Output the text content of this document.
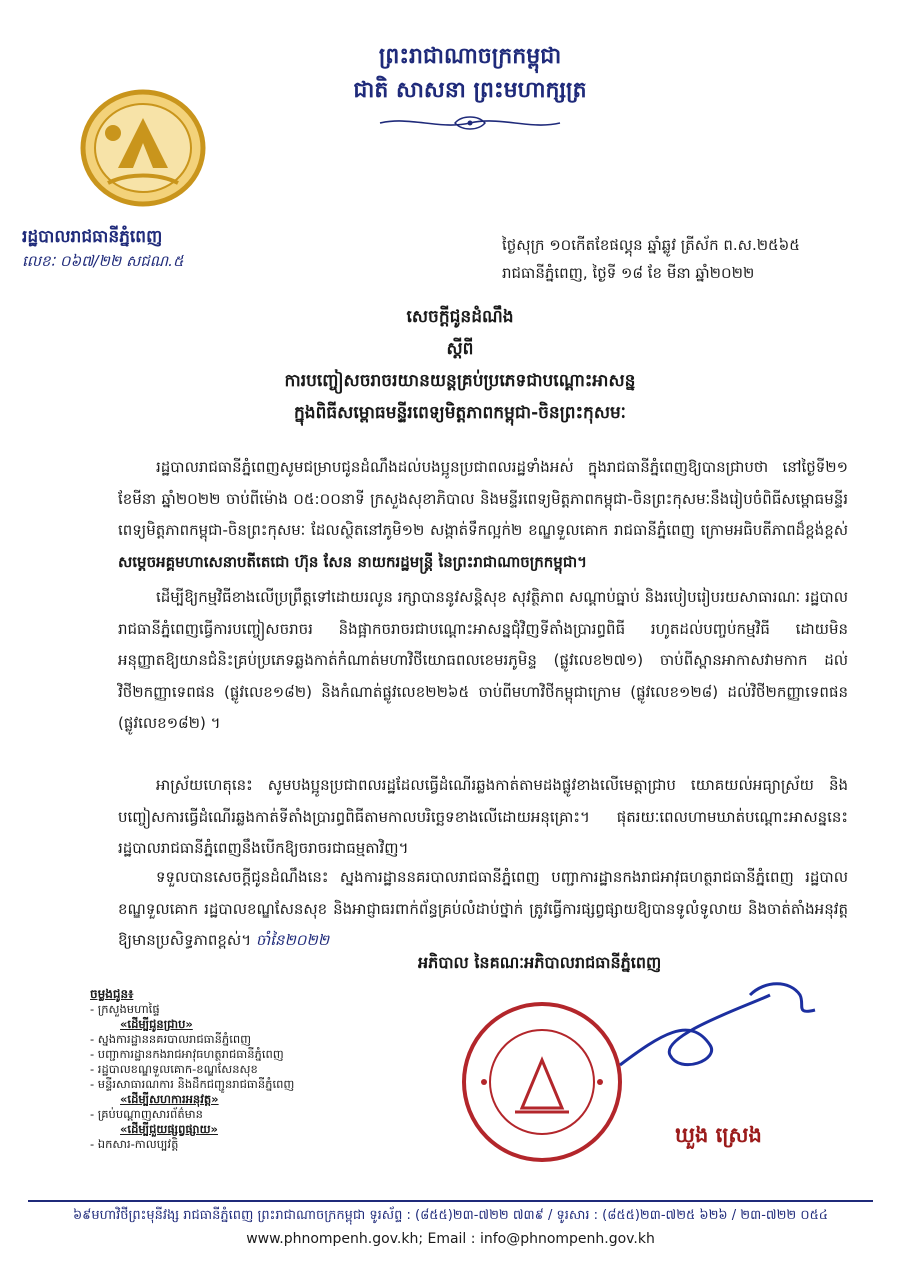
ព្រះរាជាណាចក្រកម្ពុជា
ជាតិ សាសនា ព្រះមហាក្សត្រ
រដ្ឋបាលរាជធានីភ្នំពេញ
លេខៈ ០៦៧/២២ សជណ.៥
ថ្ងៃសុក្រ ១០កើតខែផល្គុន ឆ្នាំឆ្លូវ ត្រីស័ក ព.ស.២៥៦៥
រាជធានីភ្នំពេញ, ថ្ងៃទី ១៨ ខែ មីនា ឆ្នាំ២០២២
សេចក្តីជូនដំណឹង
ស្តីពី
ការបញ្ចៀសចរាចរយានយន្តគ្រប់ប្រភេទជាបណ្តោះអាសន្ន
ក្នុងពិធីសម្ពោធមន្ទីរពេទ្យមិត្តភាពកម្ពុជា-ចិនព្រះកុសមៈ
រដ្ឋបាលរាជធានីភ្នំពេញសូមជម្រាបជូនដំណឹងដល់បងប្អូនប្រជាពលរដ្ឋទាំងអស់ ក្នុងរាជធានីភ្នំពេញឱ្យបានជ្រាបថា នៅថ្ងៃទី២១ ខែមីនា ឆ្នាំ២០២២ ចាប់ពីម៉ោង ០៥:០០នាទី ក្រសួងសុខាភិបាល និងមន្ទីរពេទ្យមិត្តភាពកម្ពុជា-ចិនព្រះកុសមៈនឹងរៀបចំពិធីសម្ពោធមន្ទីរពេទ្យមិត្តភាពកម្ពុជា-ចិនព្រះកុសមៈ ដែលស្ថិតនៅភូមិ១២ សង្កាត់ទឹកល្អក់២ ខណ្ឌទួលគោក រាជធានីភ្នំពេញ ក្រោមអធិបតីភាពដ៏ខ្ពង់ខ្ពស់ សម្តេចអគ្គមហាសេនាបតីតេជោ ហ៊ុន សែន នាយករដ្ឋមន្ត្រី នៃព្រះរាជាណាចក្រកម្ពុជា។
ដើម្បីឱ្យកម្មវិធីខាងលើប្រព្រឹត្តទៅដោយរលូន រក្សាបាននូវសន្តិសុខ សុវត្ថិភាព សណ្តាប់ធ្នាប់ និងរបៀបរៀបរយសាធារណៈ រដ្ឋបាលរាជធានីភ្នំពេញធ្វើការបញ្ចៀសចរាចរ និងផ្អាកចរាចរជាបណ្តោះអាសន្នជុំវិញទីតាំងប្រារព្ធពិធី រហូតដល់បញ្ចប់កម្មវិធី ដោយមិនអនុញ្ញាតឱ្យយានជំនិះគ្រប់ប្រភេទឆ្លងកាត់កំណាត់មហាវិថីយោធពលខេមរភូមិន្ទ (ផ្លូវលេខ២៧១) ចាប់ពីស្ពានអាកាសវាមកាក ដល់វិថី២កញ្ញាទេពផន (ផ្លូវលេខ១៨២) និងកំណាត់ផ្លូវលេខ២២៦៥ ចាប់ពីមហាវិថីកម្ពុជាក្រោម (ផ្លូវលេខ១២៨) ដល់វិថី២កញ្ញាទេពផន (ផ្លូវលេខ១៨២) ។
អាស្រ័យហេតុនេះ សូមបងប្អូនប្រជាពលរដ្ឋដែលធ្វើដំណើរឆ្លងកាត់តាមដងផ្លូវខាងលើមេត្តាជ្រាប យោគយល់អធ្យាស្រ័យ និងបញ្ចៀសការធ្វើដំណើរឆ្លងកាត់ទីតាំងប្រារព្ធពិធីតាមកាលបរិច្ឆេទខាងលើដោយអនុគ្រោះ។ ផុតរយៈពេលហាមឃាត់បណ្តោះអាសន្ននេះ រដ្ឋបាលរាជធានីភ្នំពេញនឹងបើកឱ្យចរាចរជាធម្មតាវិញ។
ទទួលបានសេចក្តីជូនដំណឹងនេះ ស្នងការដ្ឋាននគរបាលរាជធានីភ្នំពេញ បញ្ជាការដ្ឋានកងរាជអាវុធហត្ថរាជធានីភ្នំពេញ រដ្ឋបាលខណ្ឌទួលគោក រដ្ឋបាលខណ្ឌសែនសុខ និងអាជ្ញាធរពាក់ព័ន្ធគ្រប់លំដាប់ថ្នាក់ ត្រូវធ្វើការផ្សព្វផ្សាយឱ្យបានទូលំទូលាយ និងចាត់តាំងអនុវត្តឱ្យមានប្រសិទ្ធភាពខ្ពស់។ ចាំនៃ២០២២
អភិបាល នៃគណៈអភិបាលរាជធានីភ្នំពេញ
ឃួង ស្រេង
ចម្លងជូន៖
- ក្រសួងមហាផ្ទៃ
«ដើម្បីជូនជ្រាប»
- ស្នងការដ្ឋាននគរបាលរាជធានីភ្នំពេញ
- បញ្ជាការដ្ឋានកងរាជអាវុធហត្ថរាជធានីភ្នំពេញ
- រដ្ឋបាលខណ្ឌទួលគោក-ខណ្ឌសែនសុខ
- មន្ទីរសាធារណការ និងដឹកជញ្ជូនរាជធានីភ្នំពេញ
«ដើម្បីសហការអនុវត្ត»
- គ្រប់បណ្តាញសារព័ត៌មាន
«ដើម្បីជួយផ្សព្វផ្សាយ»
- ឯកសារ-កាលប្បវត្តិ
៦៩មហាវិថីព្រះមុនីវង្ស រាជធានីភ្នំពេញ ព្រះរាជាណាចក្រកម្ពុជា ទូរស័ព្ទ : (៨៥៥)២៣-៧២២ ៧៣៩ / ទូរសារ : (៨៥៥)២៣-៧២៥ ៦២៦ / ២៣-៧២២ ០៥៤
www.phnompenh.gov.kh; Email : info@phnompenh.gov.kh
